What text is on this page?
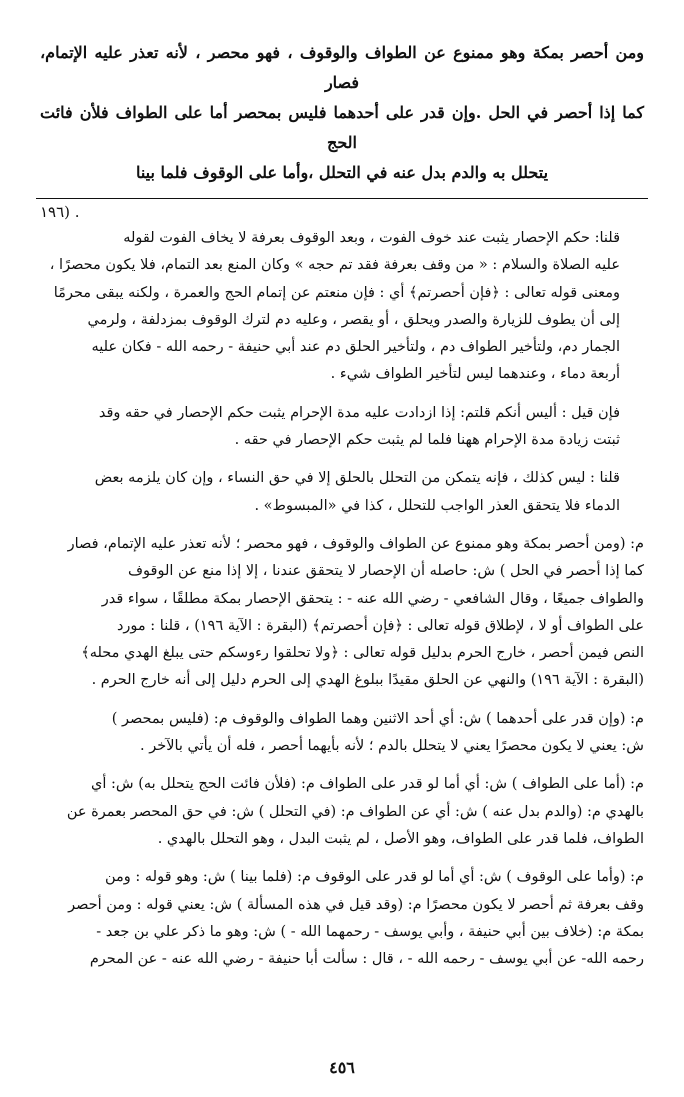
ومن أحصر بمكة وهو ممنوع عن الطواف والوقوف ، فهو محصر ، لأنه تعذر عليه الإتمام، فصار
كما إذا أحصر في الحل .وإن قدر على أحدهما فليس بمحصر أما على الطواف فلأن فائت الحج
يتحلل به والدم بدل عنه في التحلل ،وأما على الوقوف فلما بينا
١٩٦) .
قلنا: حكم الإحصار يثبت عند خوف الفوت ، وبعد الوقوف بعرفة لا يخاف الفوت لقوله
عليه الصلاة والسلام : « من وقف بعرفة فقد تم حجه » وكان المنع بعد التمام، فلا يكون محصرًا ،
ومعنى قوله تعالى : ﴿فإن أحصرتم﴾ أي : فإن منعتم عن إتمام الحج والعمرة ، ولكنه يبقى محرمًا
إلى أن يطوف للزيارة والصدر ويحلق ، أو يقصر ، وعليه دم لترك الوقوف بمزدلفة ، ولرمي
الجمار دم، ولتأخير الطواف دم ، ولتأخير الحلق دم عند أبي حنيفة - رحمه الله - فكان عليه
أربعة دماء ، وعندهما ليس لتأخير الطواف شيء .
فإن قيل : أليس أنكم قلتم: إذا ازدادت عليه مدة الإحرام يثبت حكم الإحصار في حقه وقد
ثبتت زيادة مدة الإحرام ههنا فلما لم يثبت حكم الإحصار في حقه .
قلنا : ليس كذلك ، فإنه يتمكن من التحلل بالحلق إلا في حق النساء ، وإن كان يلزمه بعض
الدماء فلا يتحقق العذر الواجب للتحلل ، كذا في «المبسوط» .
م: (ومن أحصر بمكة وهو ممنوع عن الطواف والوقوف ، فهو محصر ؛ لأنه تعذر عليه الإتمام، فصار
كما إذا أحصر في الحل ) ش: حاصله أن الإحصار لا يتحقق عندنا ، إلا إذا منع عن الوقوف
والطواف جميعًا ، وقال الشافعي - رضي الله عنه - : يتحقق الإحصار بمكة مطلقًا ، سواء قدر
على الطواف أو لا ، لإطلاق قوله تعالى : ﴿فإن أحصرتم﴾ (البقرة : الآية ١٩٦) ، قلنا : مورد
النص فيمن أحصر ، خارج الحرم بدليل قوله تعالى : ﴿ولا تحلقوا رءوسكم حتى يبلغ الهدي محله﴾
(البقرة : الآية ١٩٦) والنهي عن الحلق مقيدًا ببلوغ الهدي إلى الحرم دليل إلى أنه خارج الحرم .
م: (وإن قدر على أحدهما ) ش: أي أحد الاثنين وهما الطواف والوقوف م: (فليس بمحصر )
ش: يعني لا يكون محصرًا يعني لا يتحلل بالدم ؛ لأنه بأيهما أحصر ، فله أن يأتي بالآخر .
م: (أما على الطواف ) ش: أي أما لو قدر على الطواف م: (فلأن فائت الحج يتحلل به) ش: أي
بالهدي م: (والدم بدل عنه ) ش: أي عن الطواف م: (في التحلل ) ش: في حق المحصر بعمرة عن
الطواف، فلما قدر على الطواف، وهو الأصل ، لم يثبت البدل ، وهو التحلل بالهدي .
م: (وأما على الوقوف ) ش: أي أما لو قدر على الوقوف م: (فلما بينا ) ش: وهو قوله : ومن
وقف بعرفة ثم أحصر لا يكون محصرًا م: (وقد قيل في هذه المسألة ) ش: يعني قوله : ومن أحصر
بمكة م: (خلاف بين أبي حنيفة ، وأبي يوسف - رحمهما الله - ) ش: وهو ما ذكر علي بن جعد -
رحمه الله- عن أبي يوسف - رحمه الله - ، قال : سألت أبا حنيفة - رضي الله عنه - عن المحرم
٤٥٦
